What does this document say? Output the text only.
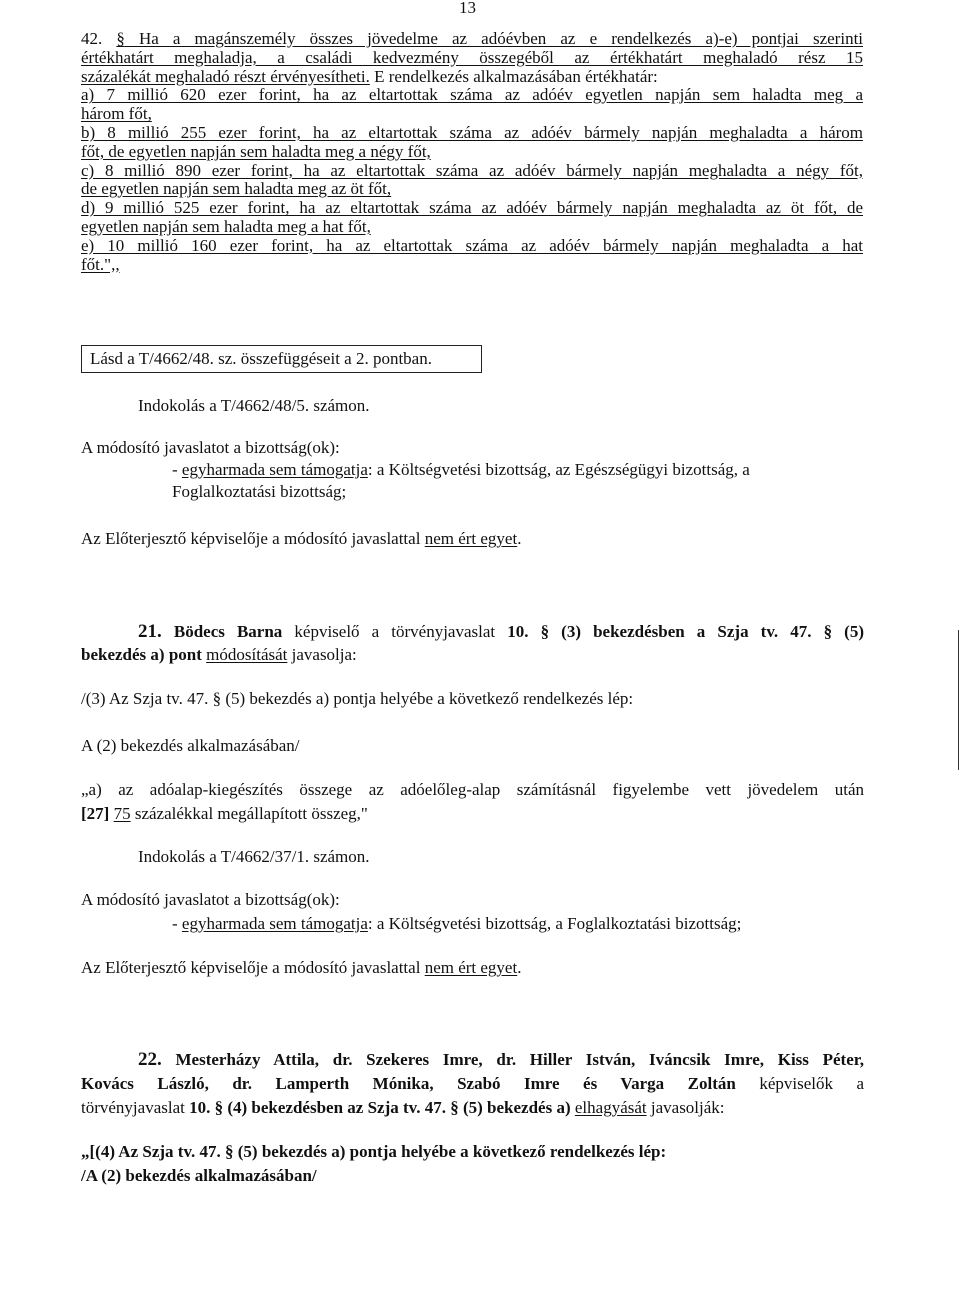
13
42. § Ha a magánszemély összes jövedelme az adóévben az e rendelkezés a)-e) pontjai szerinti
értékhatárt meghaladja, a családi kedvezmény összegéből az értékhatárt meghaladó rész 15
százalékát meghaladó részt érvényesítheti. E rendelkezés alkalmazásában értékhatár:
a) 7 millió 620 ezer forint, ha az eltartottak száma az adóév egyetlen napján sem haladta meg a
három főt,
b) 8 millió 255 ezer forint, ha az eltartottak száma az adóév bármely napján meghaladta a három
főt, de egyetlen napján sem haladta meg a négy főt,
c) 8 millió 890 ezer forint, ha az eltartottak száma az adóév bármely napján meghaladta a négy főt,
de egyetlen napján sem haladta meg az öt főt,
d) 9 millió 525 ezer forint, ha az eltartottak száma az adóév bármely napján meghaladta az öt főt, de
egyetlen napján sem haladta meg a hat főt,
e) 10 millió 160 ezer forint, ha az eltartottak száma az adóév bármely napján meghaladta a hat
főt.",,
Lásd a T/4662/48. sz. összefüggéseit a 2. pontban.
Indokolás a T/4662/48/5. számon.
A módosító javaslatot a bizottság(ok):
- egyharmada sem támogatja: a Költségvetési bizottság, az Egészségügyi bizottság, a
Foglalkoztatási bizottság;
Az Előterjesztő képviselője a módosító javaslattal nem ért egyet.
21. Bödecs Barna képviselő a törvényjavaslat 10. § (3) bekezdésben a Szja tv. 47. § (5)
bekezdés a) pont módosítását javasolja:
/(3) Az Szja tv. 47. § (5) bekezdés a) pontja helyébe a következő rendelkezés lép:
A (2) bekezdés alkalmazásában/
„a) az adóalap-kiegészítés összege az adóelőleg-alap számításnál figyelembe vett jövedelem után
[27] 75 százalékkal megállapított összeg,"
Indokolás a T/4662/37/1. számon.
A módosító javaslatot a bizottság(ok):
- egyharmada sem támogatja: a Költségvetési bizottság, a Foglalkoztatási bizottság;
Az Előterjesztő képviselője a módosító javaslattal nem ért egyet.
22. Mesterházy Attila, dr. Szekeres Imre, dr. Hiller István, Iváncsik Imre, Kiss Péter,
Kovács László, dr. Lamperth Mónika, Szabó Imre és Varga Zoltán képviselők a
törvényjavaslat 10. § (4) bekezdésben az Szja tv. 47. § (5) bekezdés a) elhagyását javasolják:
„[(4) Az Szja tv. 47. § (5) bekezdés a) pontja helyébe a következő rendelkezés lép:
/A (2) bekezdés alkalmazásában/
